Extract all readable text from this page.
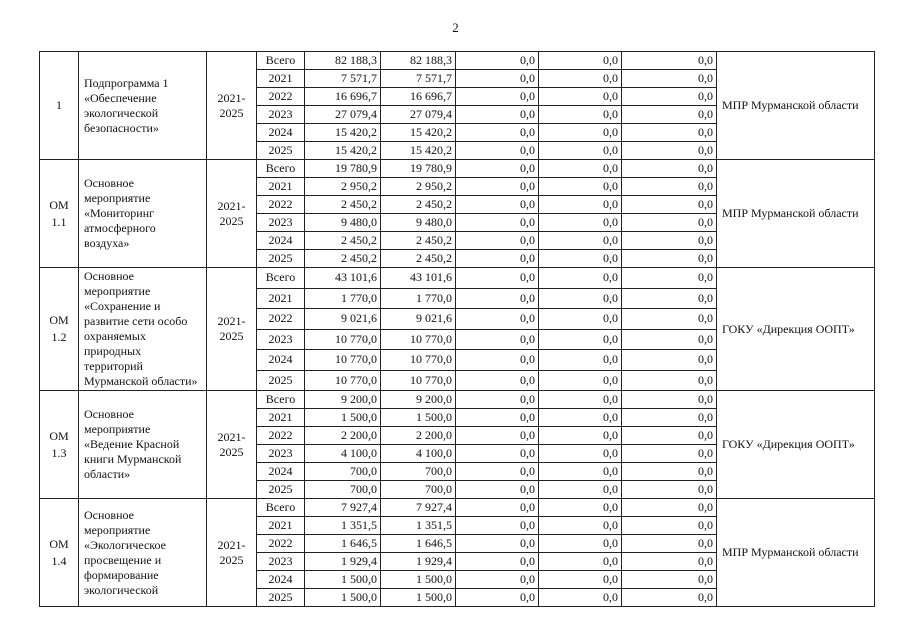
2
1	Подпрограмма 1 «Обеспечение экологической безопасности»	2021-2025	Всего	82 188,3	82 188,3	0,0	0,0	0,0	МПР Мурманской области
			2021	7 571,7	7 571,7	0,0	0,0	0,0	
			2022	16 696,7	16 696,7	0,0	0,0	0,0	
			2023	27 079,4	27 079,4	0,0	0,0	0,0	
			2024	15 420,2	15 420,2	0,0	0,0	0,0	
			2025	15 420,2	15 420,2	0,0	0,0	0,0	
ОМ 1.1	Основное мероприятие «Мониторинг атмосферного воздуха»	2021-2025	Всего	19 780,9	19 780,9	0,0	0,0	0,0	МПР Мурманской области
			2021	2 950,2	2 950,2	0,0	0,0	0,0	
			2022	2 450,2	2 450,2	0,0	0,0	0,0	
			2023	9 480,0	9 480,0	0,0	0,0	0,0	
			2024	2 450,2	2 450,2	0,0	0,0	0,0	
			2025	2 450,2	2 450,2	0,0	0,0	0,0	
ОМ 1.2	Основное мероприятие «Сохранение и развитие сети особо охраняемых природных территорий Мурманской области»	2021-2025	Всего	43 101,6	43 101,6	0,0	0,0	0,0	ГОКУ «Дирекция ООПТ»
			2021	1 770,0	1 770,0	0,0	0,0	0,0	
			2022	9 021,6	9 021,6	0,0	0,0	0,0	
			2023	10 770,0	10 770,0	0,0	0,0	0,0	
			2024	10 770,0	10 770,0	0,0	0,0	0,0	
			2025	10 770,0	10 770,0	0,0	0,0	0,0	
ОМ 1.3	Основное мероприятие «Ведение Красной книги Мурманской области»	2021-2025	Всего	9 200,0	9 200,0	0,0	0,0	0,0	ГОКУ «Дирекция ООПТ»
			2021	1 500,0	1 500,0	0,0	0,0	0,0	
			2022	2 200,0	2 200,0	0,0	0,0	0,0	
			2023	4 100,0	4 100,0	0,0	0,0	0,0	
			2024	700,0	700,0	0,0	0,0	0,0	
			2025	700,0	700,0	0,0	0,0	0,0	
ОМ 1.4	Основное мероприятие «Экологическое просвещение и формирование экологической	2021-2025	Всего	7 927,4	7 927,4	0,0	0,0	0,0	МПР Мурманской области
			2021	1 351,5	1 351,5	0,0	0,0	0,0	
			2022	1 646,5	1 646,5	0,0	0,0	0,0	
			2023	1 929,4	1 929,4	0,0	0,0	0,0	
			2024	1 500,0	1 500,0	0,0	0,0	0,0	
			2025	1 500,0	1 500,0	0,0	0,0	0,0	
